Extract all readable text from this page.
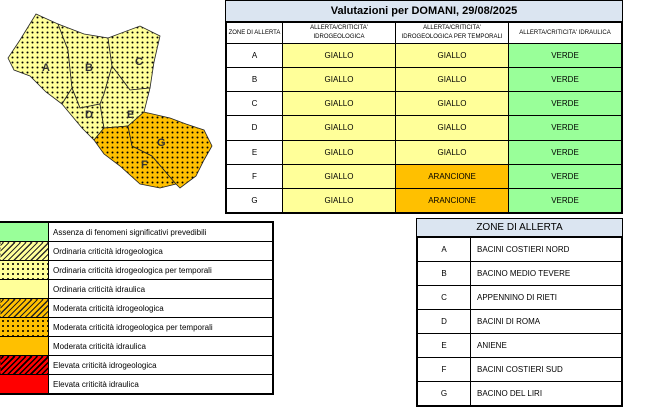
A	B	C
D	E
F
G
Valutazioni per DOMANI, 29/08/2025
ZONE DI ALLERTA	ALLERTA/CRITICITA' IDROGEOLOGICA	ALLERTA/CRITICITA' IDROGEOLOGICA PER TEMPORALI	ALLERTA/CRITICITA' IDRAULICA
A	GIALLO	GIALLO	VERDE
B	GIALLO	GIALLO	VERDE
C	GIALLO	GIALLO	VERDE
D	GIALLO	GIALLO	VERDE
E	GIALLO	GIALLO	VERDE
F	GIALLO	ARANCIONE	VERDE
G	GIALLO	ARANCIONE	VERDE
	Assenza di fenomeni significativi prevedibili
	Ordinaria criticità idrogeologica
	Ordinaria criticità idrogeologica per temporali
	Ordinaria criticità idraulica
	Moderata criticità idrogeologica
	Moderata criticità idrogeologica per temporali
	Moderata criticità idraulica
	Elevata criticità idrogeologica
	Elevata criticità idraulica
ZONE DI ALLERTA
A	BACINI COSTIERI NORD
B	BACINO MEDIO TEVERE
C	APPENNINO DI RIETI
D	BACINI DI ROMA
E	ANIENE
F	BACINI COSTIERI SUD
G	BACINO DEL LIRI
